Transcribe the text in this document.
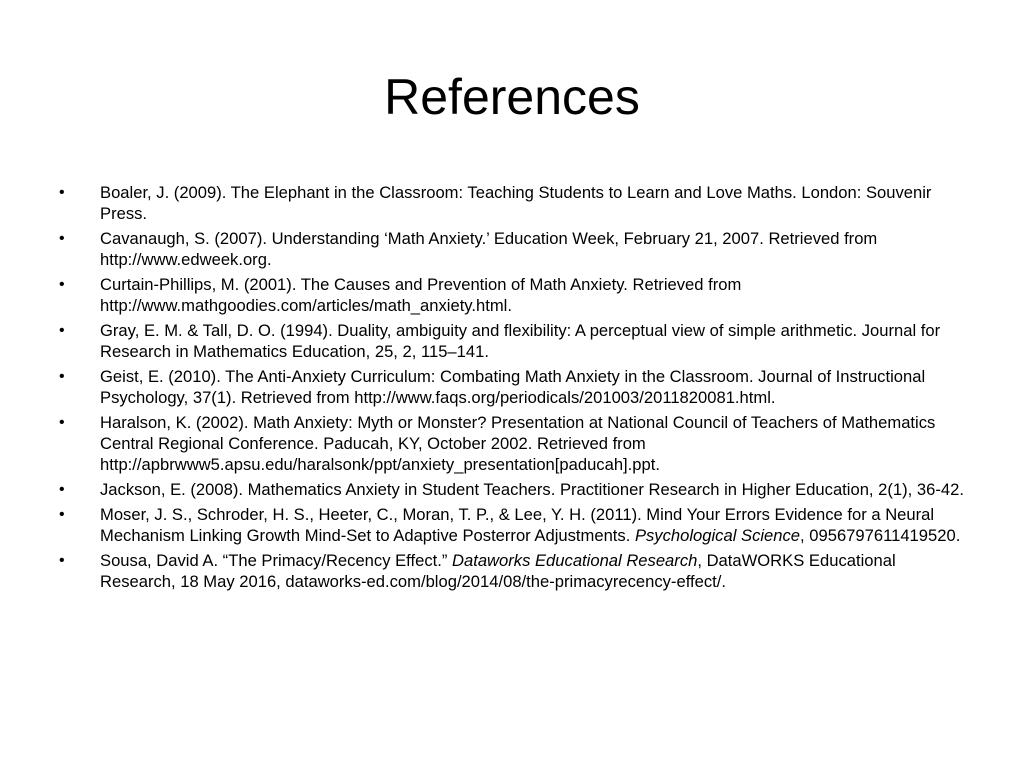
References
• Boaler, J. (2009). The Elephant in the Classroom: Teaching Students to Learn and Love Maths. London: Souvenir Press.
• Cavanaugh, S. (2007). Understanding ‘Math Anxiety.’ Education Week, February 21, 2007. Retrieved from http://www.edweek.org.
• Curtain-Phillips, M. (2001). The Causes and Prevention of Math Anxiety. Retrieved from http://www.mathgoodies.com/articles/math_anxiety.html.
• Gray, E. M. & Tall, D. O. (1994). Duality, ambiguity and flexibility: A perceptual view of simple arithmetic. Journal for Research in Mathematics Education, 25, 2, 115–141.
• Geist, E. (2010). The Anti-Anxiety Curriculum: Combating Math Anxiety in the Classroom. Journal of Instructional Psychology, 37(1). Retrieved from http://www.faqs.org/periodicals/201003/2011820081.html.
• Haralson, K. (2002). Math Anxiety: Myth or Monster? Presentation at National Council of Teachers of Mathematics Central Regional Conference. Paducah, KY, October 2002. Retrieved from http://apbrwww5.apsu.edu/haralsonk/ppt/anxiety_presentation[paducah].ppt.
• Jackson, E. (2008). Mathematics Anxiety in Student Teachers. Practitioner Research in Higher Education, 2(1), 36-42.
• Moser, J. S., Schroder, H. S., Heeter, C., Moran, T. P., & Lee, Y. H. (2011). Mind Your Errors Evidence for a Neural Mechanism Linking Growth Mind-Set to Adaptive Posterror Adjustments. Psychological Science, 0956797611419520.
• Sousa, David A. “The Primacy/Recency Effect.” Dataworks Educational Research, DataWORKS Educational Research, 18 May 2016, dataworks-ed.com/blog/2014/08/the-primacyrecency-effect/.
